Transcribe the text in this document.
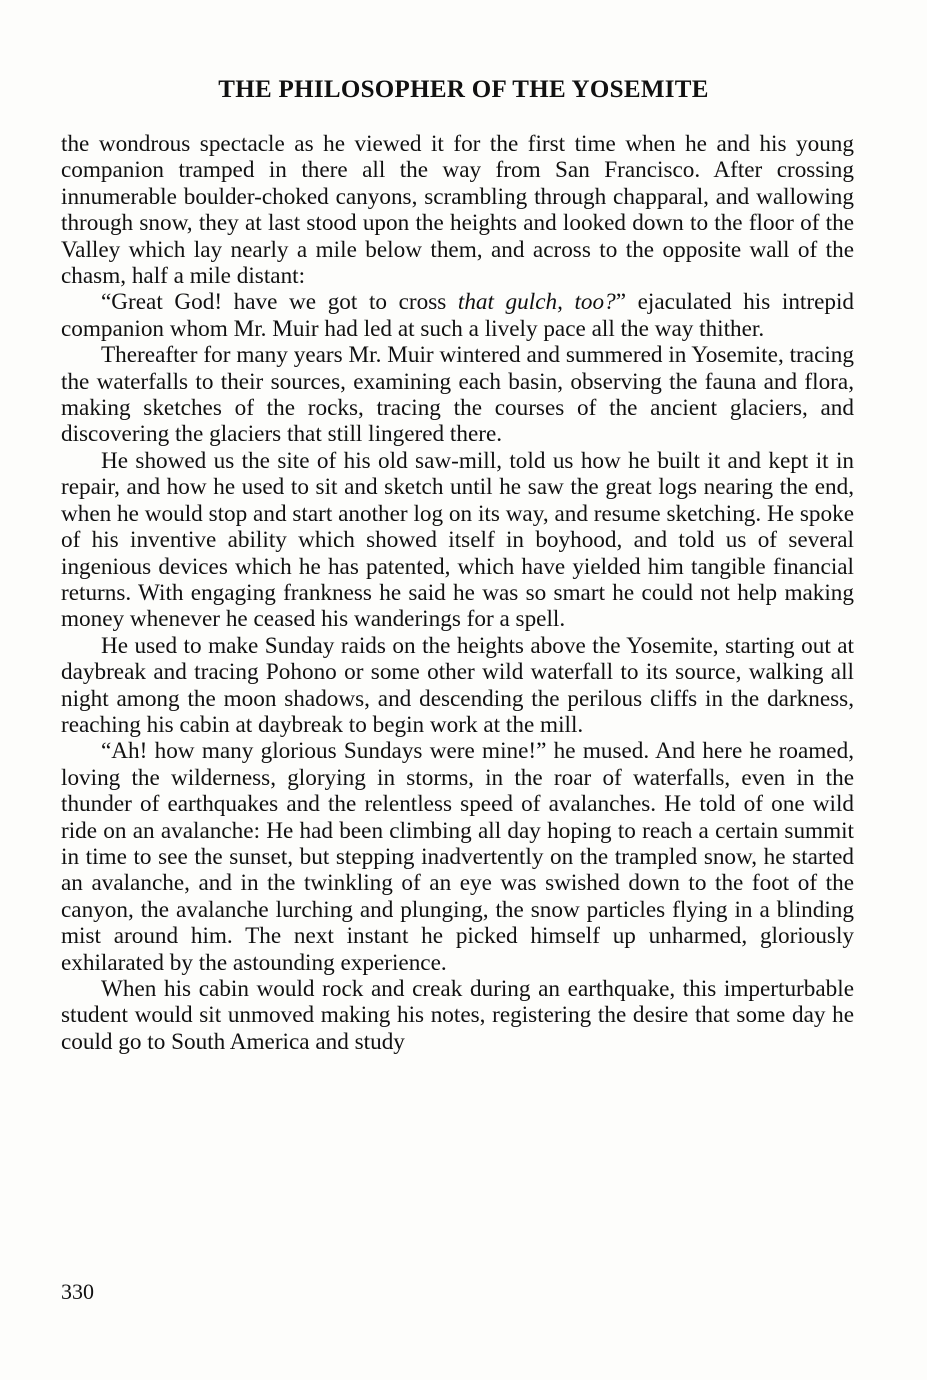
THE PHILOSOPHER OF THE YOSEMITE

the wondrous spectacle as he viewed it for the first time when he and his young companion tramped in there all the way from San Francisco. After crossing innumerable boulder-choked canyons, scrambling through chapparal, and wallowing through snow, they at last stood upon the heights and looked down to the floor of the Valley which lay nearly a mile below them, and across to the opposite wall of the chasm, half a mile distant:

“Great God! have we got to cross that gulch, too?” ejaculated his intrepid companion whom Mr. Muir had led at such a lively pace all the way thither.

Thereafter for many years Mr. Muir wintered and summered in Yosemite, tracing the waterfalls to their sources, examining each basin, observing the fauna and flora, making sketches of the rocks, tracing the courses of the ancient glaciers, and discovering the glaciers that still lingered there.

He showed us the site of his old saw-mill, told us how he built it and kept it in repair, and how he used to sit and sketch until he saw the great logs nearing the end, when he would stop and start another log on its way, and resume sketching. He spoke of his inventive ability which showed itself in boyhood, and told us of several ingenious devices which he has patented, which have yielded him tangible financial returns. With engaging frankness he said he was so smart he could not help making money whenever he ceased his wanderings for a spell.

He used to make Sunday raids on the heights above the Yosemite, starting out at daybreak and tracing Pohono or some other wild waterfall to its source, walking all night among the moon shadows, and descending the perilous cliffs in the darkness, reaching his cabin at daybreak to begin work at the mill.

“Ah! how many glorious Sundays were mine!” he mused. And here he roamed, loving the wilderness, glorying in storms, in the roar of waterfalls, even in the thunder of earthquakes and the relentless speed of avalanches. He told of one wild ride on an avalanche: He had been climbing all day hoping to reach a certain summit in time to see the sunset, but stepping inadvertently on the trampled snow, he started an avalanche, and in the twinkling of an eye was swished down to the foot of the canyon, the avalanche lurching and plunging, the snow particles flying in a blinding mist around him. The next instant he picked himself up unharmed, gloriously exhilarated by the astounding experience.

When his cabin would rock and creak during an earthquake, this imperturbable student would sit unmoved making his notes, registering the desire that some day he could go to South America and study

330
